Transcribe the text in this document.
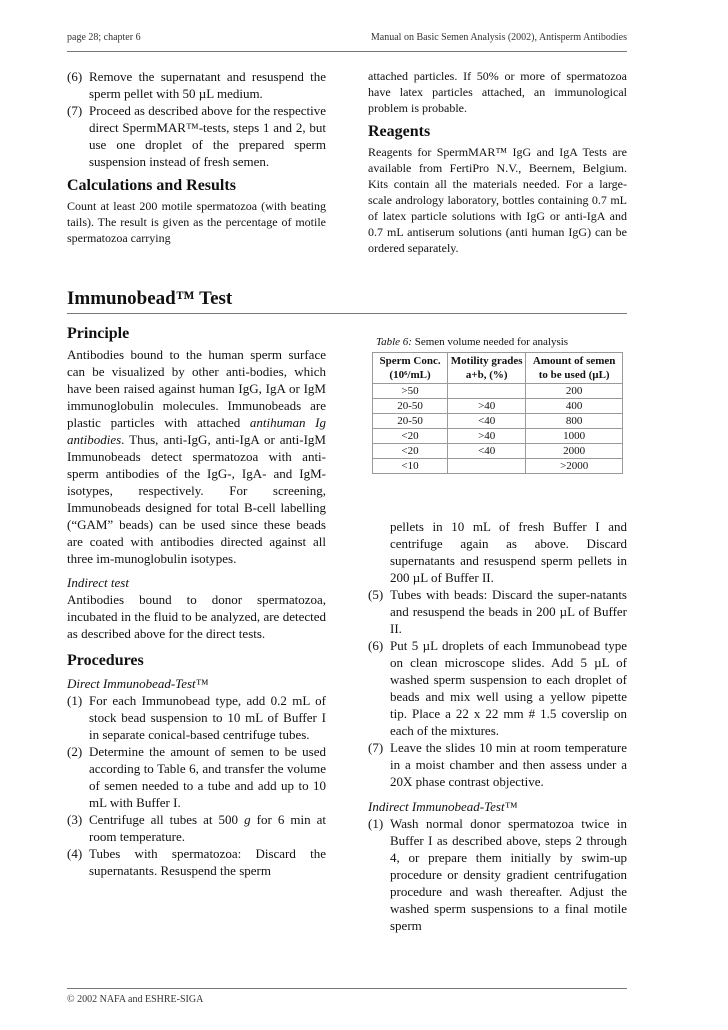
page 28; chapter 6	Manual on Basic Semen Analysis (2002), Antisperm Antibodies
(6) Remove the supernatant and resuspend the sperm pellet with 50 µL medium.
(7) Proceed as described above for the respective direct SpermMAR™-tests, steps 1 and 2, but use one droplet of the prepared sperm suspension instead of fresh semen.
Calculations and Results

Count at least 200 motile spermatozoa (with beating tails). The result is given as the percentage of motile spermatozoa carrying

attached particles. If 50% or more of spermatozoa have latex particles attached, an immunological problem is probable.

Reagents

Reagents for SpermMAR™ IgG and IgA Tests are available from FertiPro N.V., Beernem, Belgium. Kits contain all the materials needed. For a large-scale andrology laboratory, bottles containing 0.7 mL of latex particle solutions with IgG or anti-IgA and 0.7 mL antiserum solutions (anti human IgG) can be ordered separately.

Immunobead™ Test
Principle

Antibodies bound to the human sperm surface can be visualized by other anti-bodies, which have been raised against human IgG, IgA or IgM immunoglobulin molecules. Immunobeads are plastic particles with attached antihuman Ig antibodies. Thus, anti-IgG, anti-IgA or anti-IgM Immunobeads detect spermatozoa with anti-sperm antibodies of the IgG-, IgA- and IgM-isotypes, respectively. For screening, Immunobeads designed for total B-cell labelling (“GAM” beads) can be used since these beads are coated with antibodies directed against all three im-munoglobulin isotypes.

Indirect test

Antibodies bound to donor spermatozoa, incubated in the fluid to be analyzed, are detected as described above for the direct tests.

Procedures

Direct Immunobead-Test™

(1) For each Immunobead type, add 0.2 mL of stock bead suspension to 10 mL of Buffer I in separate conical-based centrifuge tubes.
(2) Determine the amount of semen to be used according to Table 6, and transfer the volume of semen needed to a tube and add up to 10 mL with Buffer I.
(3) Centrifuge all tubes at 500 g for 6 min at room temperature.
(4) Tubes with spermatozoa: Discard the supernatants. Resuspend the sperm
Table 6: Semen volume needed for analysis
Sperm Conc. (10⁶/mL)	Motility grades a+b, (%)	Amount of semen to be used (µL)
>50		200
20-50	>40	400
20-50	<40	800
<20	>40	1000
<20	<40	2000
<10		>2000
pellets in 10 mL of fresh Buffer I and centrifuge again as above. Discard supernatants and resuspend sperm pellets in 200 µL of Buffer II.
(5) Tubes with beads: Discard the super-natants and resuspend the beads in 200 µL of Buffer II.
(6) Put 5 µL droplets of each Immunobead type on clean microscope slides. Add 5 µL of washed sperm suspension to each droplet of beads and mix well using a yellow pipette tip. Place a 22 x 22 mm # 1.5 coverslip on each of the mixtures.
(7) Leave the slides 10 min at room temperature in a moist chamber and then assess under a 20X phase contrast objective.

Indirect Immunobead-Test™

(1) Wash normal donor spermatozoa twice in Buffer I as described above, steps 2 through 4, or prepare them initially by swim-up procedure or density gradient centrifugation procedure and wash thereafter. Adjust the washed sperm suspensions to a final motile sperm
© 2002 NAFA and ESHRE-SIGA
